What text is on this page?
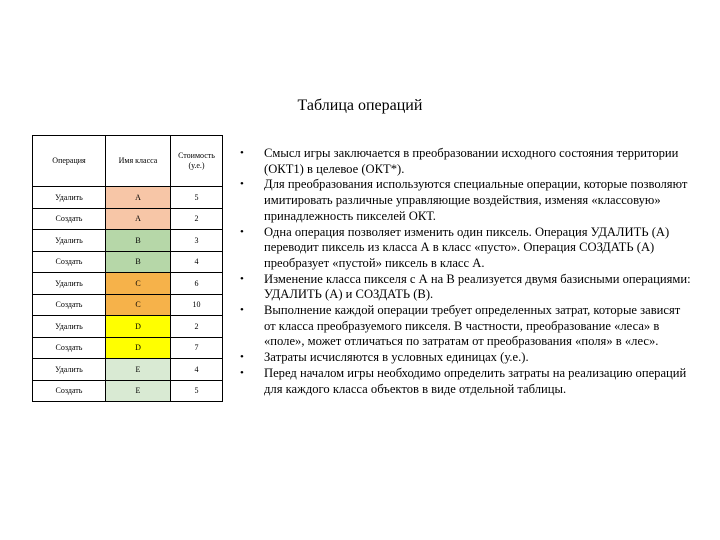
Таблица операций
Операция	Имя класса	Стоимость (у.е.)
Удалить	A	5
Создать	A	2
Удалить	B	3
Создать	B	4
Удалить	C	6
Создать	C	10
Удалить	D	2
Создать	D	7
Удалить	E	4
Создать	E	5
• Смысл игры заключается в преобразовании исходного состояния территории (ОКТ1) в целевое (ОКТ*).
• Для преобразования используются специальные операции, которые позволяют имитировать различные управляющие воздействия, изменяя «классовую» принадлежность пикселей ОКТ.
• Одна операция позволяет изменить один пиксель. Операция УДАЛИТЬ (А) переводит пиксель из класса А в класс «пусто». Операция СОЗДАТЬ (А) преобразует «пустой» пиксель в класс А.
• Изменение класса пикселя с А на В реализуется двумя базисными операциями: УДАЛИТЬ (А) и СОЗДАТЬ (В).
• Выполнение каждой операции требует определенных затрат, которые зависят от класса преобразуемого пикселя. В частности, преобразование «леса» в «поле», может отличаться по затратам от преобразования «поля» в «лес».
• Затраты исчисляются в условных единицах (у.е.).
• Перед началом игры необходимо определить затраты на реализацию операций для каждого класса объектов в виде отдельной таблицы.
